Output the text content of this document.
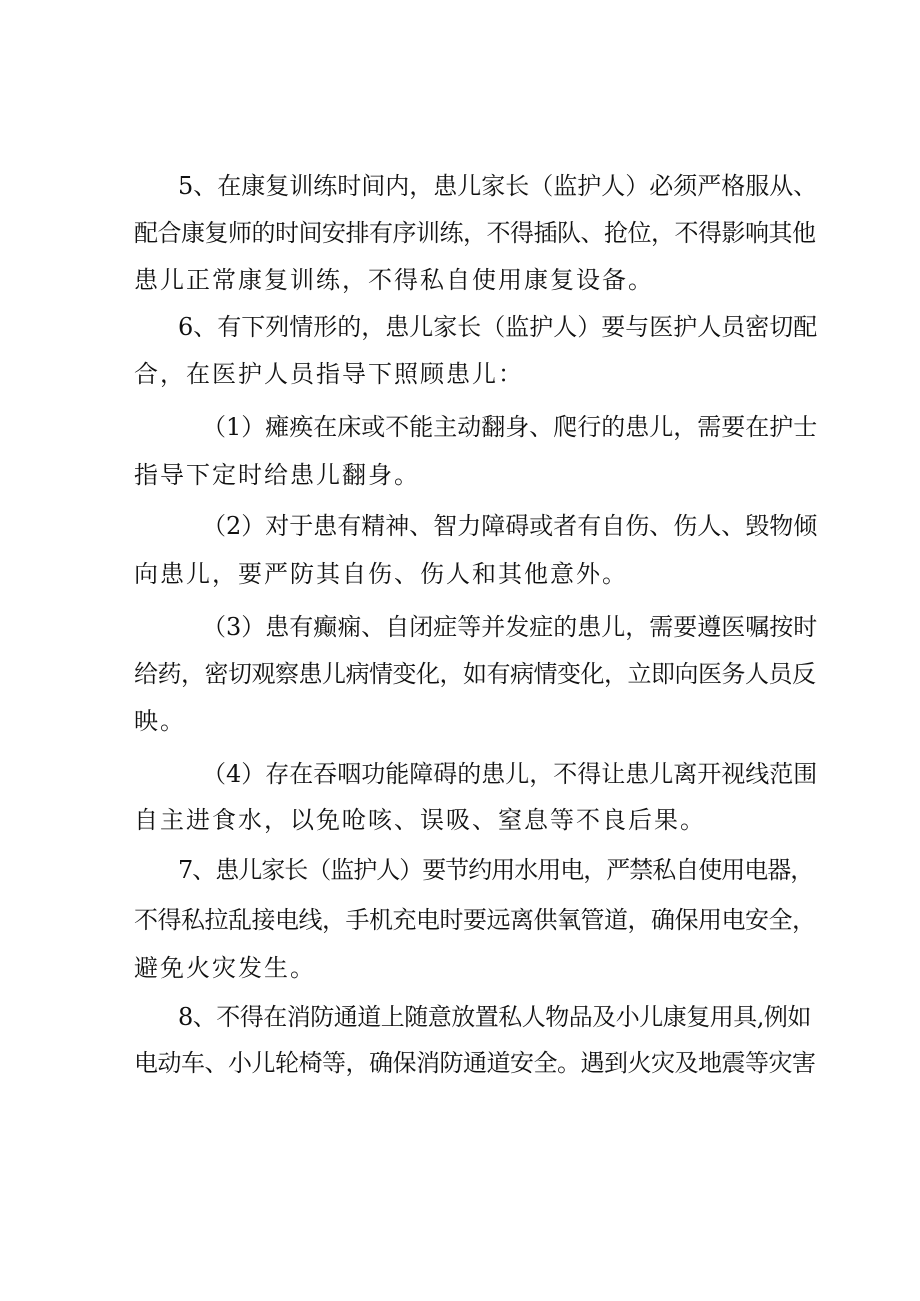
5、在康复训练时间内，患儿家长（监护人）必须严格服从、

配合康复师的时间安排有序训练，不得插队、抢位，不得影响其他

患儿正常康复训练，不得私自使用康复设备。

6、有下列情形的，患儿家长（监护人）要与医护人员密切配

合，在医护人员指导下照顾患儿：

（1）瘫痪在床或不能主动翻身、爬行的患儿，需要在护士

指导下定时给患儿翻身。

（2）对于患有精神、智力障碍或者有自伤、伤人、毁物倾

向患儿，要严防其自伤、伤人和其他意外。

（3）患有癫痫、自闭症等并发症的患儿，需要遵医嘱按时

给药，密切观察患儿病情变化，如有病情变化，立即向医务人员反

映。

（4）存在吞咽功能障碍的患儿，不得让患儿离开视线范围

自主进食水，以免呛咳、误吸、窒息等不良后果。

7、患儿家长（监护人）要节约用水用电，严禁私自使用电器，

不得私拉乱接电线，手机充电时要远离供氧管道，确保用电安全，

避免火灾发生。

8、不得在消防通道上随意放置私人物品及小儿康复用具,例如

电动车、小儿轮椅等，确保消防通道安全。遇到火灾及地震等灾害
